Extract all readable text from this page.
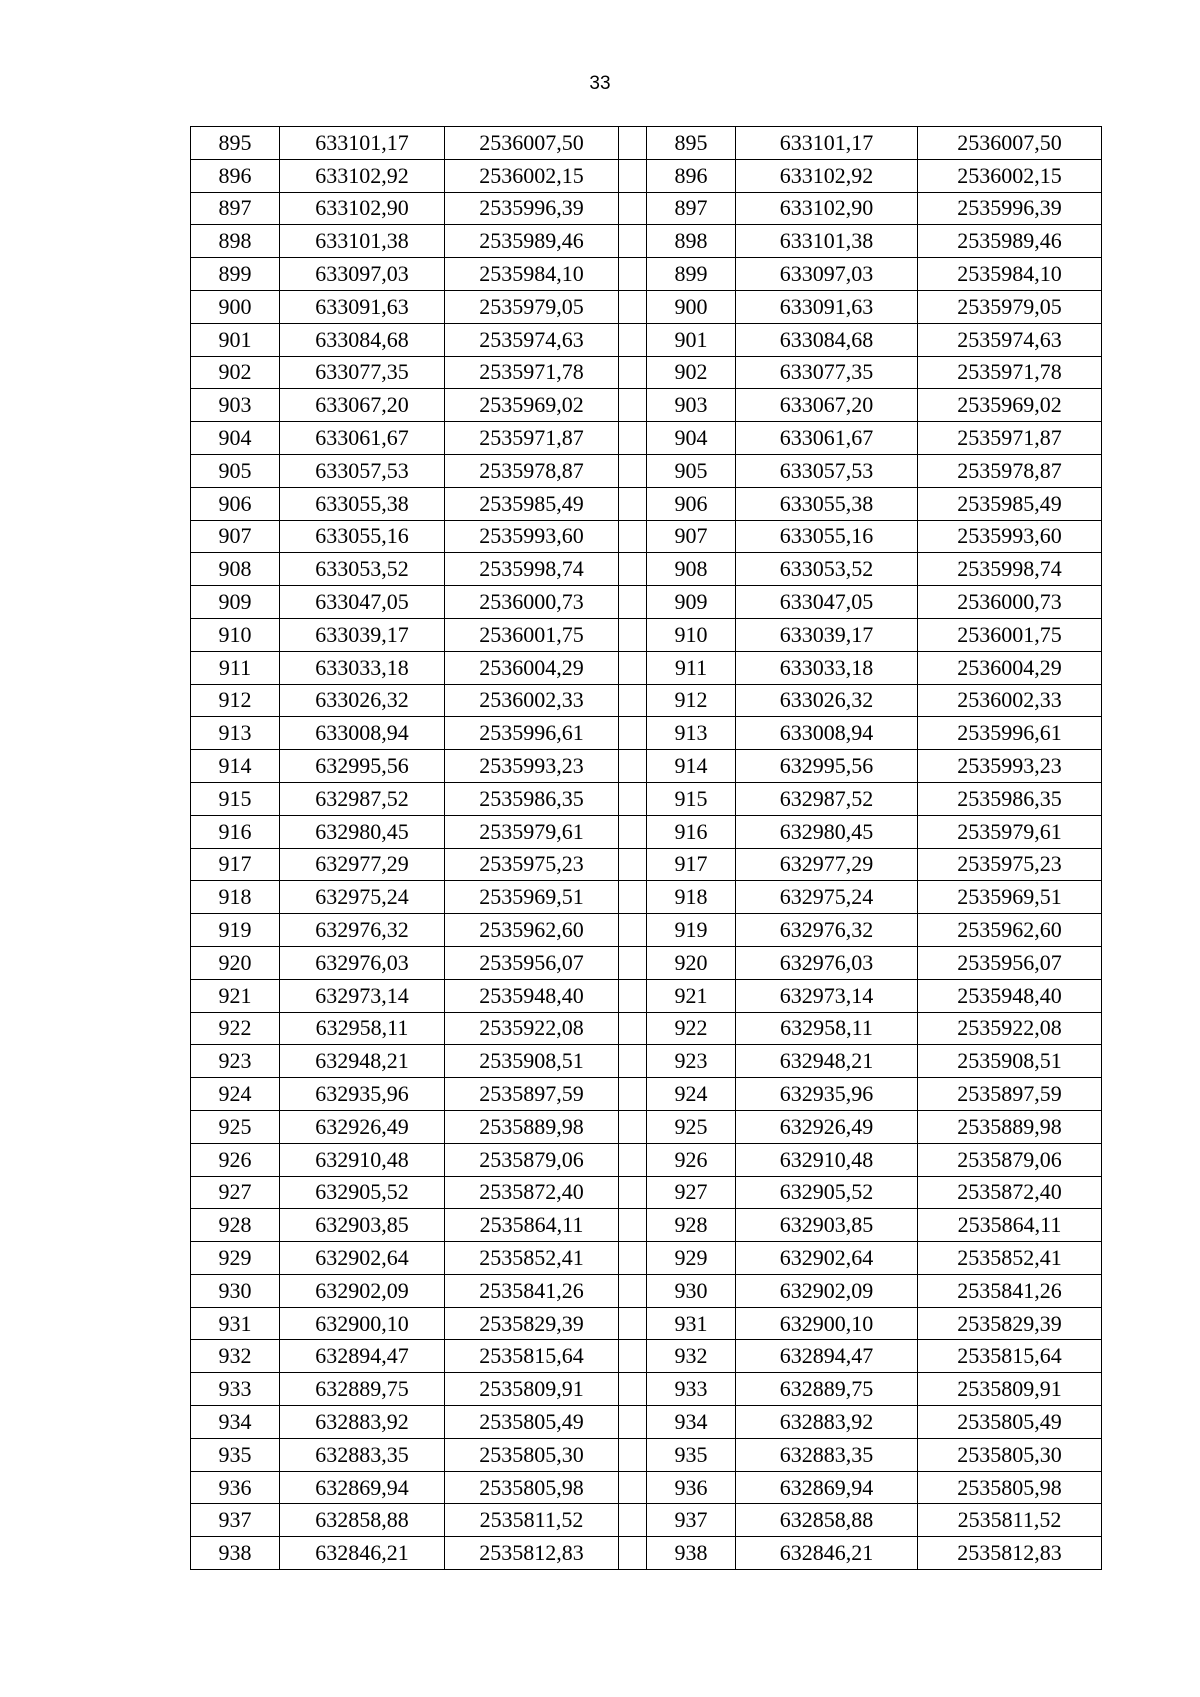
33
895	633101,17	2536007,50		895	633101,17	2536007,50
896	633102,92	2536002,15		896	633102,92	2536002,15
897	633102,90	2535996,39		897	633102,90	2535996,39
898	633101,38	2535989,46		898	633101,38	2535989,46
899	633097,03	2535984,10		899	633097,03	2535984,10
900	633091,63	2535979,05		900	633091,63	2535979,05
901	633084,68	2535974,63		901	633084,68	2535974,63
902	633077,35	2535971,78		902	633077,35	2535971,78
903	633067,20	2535969,02		903	633067,20	2535969,02
904	633061,67	2535971,87		904	633061,67	2535971,87
905	633057,53	2535978,87		905	633057,53	2535978,87
906	633055,38	2535985,49		906	633055,38	2535985,49
907	633055,16	2535993,60		907	633055,16	2535993,60
908	633053,52	2535998,74		908	633053,52	2535998,74
909	633047,05	2536000,73		909	633047,05	2536000,73
910	633039,17	2536001,75		910	633039,17	2536001,75
911	633033,18	2536004,29		911	633033,18	2536004,29
912	633026,32	2536002,33		912	633026,32	2536002,33
913	633008,94	2535996,61		913	633008,94	2535996,61
914	632995,56	2535993,23		914	632995,56	2535993,23
915	632987,52	2535986,35		915	632987,52	2535986,35
916	632980,45	2535979,61		916	632980,45	2535979,61
917	632977,29	2535975,23		917	632977,29	2535975,23
918	632975,24	2535969,51		918	632975,24	2535969,51
919	632976,32	2535962,60		919	632976,32	2535962,60
920	632976,03	2535956,07		920	632976,03	2535956,07
921	632973,14	2535948,40		921	632973,14	2535948,40
922	632958,11	2535922,08		922	632958,11	2535922,08
923	632948,21	2535908,51		923	632948,21	2535908,51
924	632935,96	2535897,59		924	632935,96	2535897,59
925	632926,49	2535889,98		925	632926,49	2535889,98
926	632910,48	2535879,06		926	632910,48	2535879,06
927	632905,52	2535872,40		927	632905,52	2535872,40
928	632903,85	2535864,11		928	632903,85	2535864,11
929	632902,64	2535852,41		929	632902,64	2535852,41
930	632902,09	2535841,26		930	632902,09	2535841,26
931	632900,10	2535829,39		931	632900,10	2535829,39
932	632894,47	2535815,64		932	632894,47	2535815,64
933	632889,75	2535809,91		933	632889,75	2535809,91
934	632883,92	2535805,49		934	632883,92	2535805,49
935	632883,35	2535805,30		935	632883,35	2535805,30
936	632869,94	2535805,98		936	632869,94	2535805,98
937	632858,88	2535811,52		937	632858,88	2535811,52
938	632846,21	2535812,83		938	632846,21	2535812,83
